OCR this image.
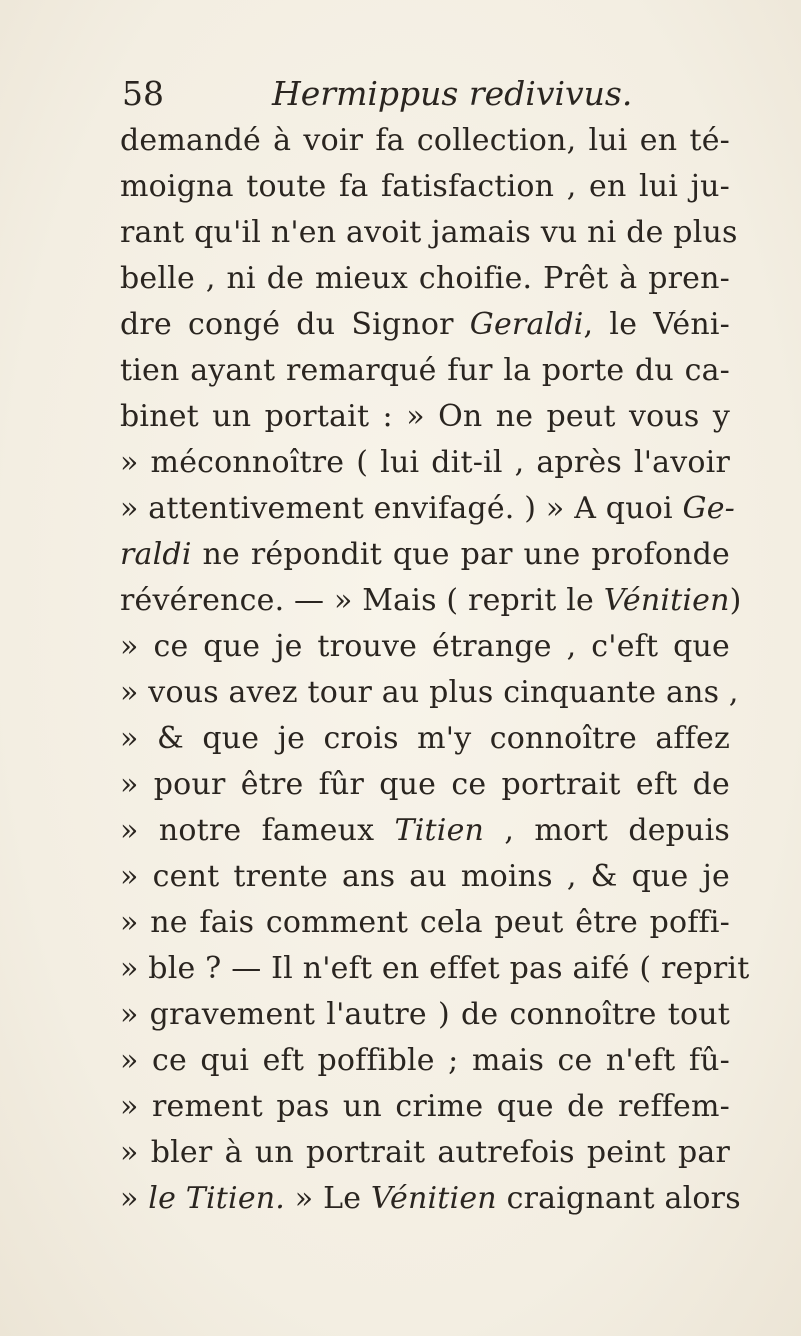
58	Hermippus redivivus.
demandé à voir fa collection, lui en té-
moigna toute fa fatisfaction , en lui ju-
rant qu'il n'en avoit jamais vu ni de plus
belle , ni de mieux choifie. Prêt à pren-
dre congé du Signor Geraldi, le Véni-
tien ayant remarqué fur la porte du ca-
binet un portait : » On ne peut vous y
» méconnoître ( lui dit-il , après l'avoir
» attentivement envifagé. ) » A quoi Ge-
raldi ne répondit que par une profonde
révérence. — » Mais ( reprit le Vénitien)
» ce que je trouve étrange , c'eft que
» vous avez tour au plus cinquante ans ,
» & que je crois m'y connoître affez
» pour être fûr que ce portrait eft de
» notre fameux Titien , mort depuis
» cent trente ans au moins , & que je
» ne fais comment cela peut être poffi-
» ble ? — Il n'eft en effet pas aifé ( reprit
» gravement l'autre ) de connoître tout
» ce qui eft poffible ; mais ce n'eft fû-
» rement pas un crime que de reffem-
» bler à un portrait autrefois peint par
» le Titien. » Le Vénitien craignant alors
